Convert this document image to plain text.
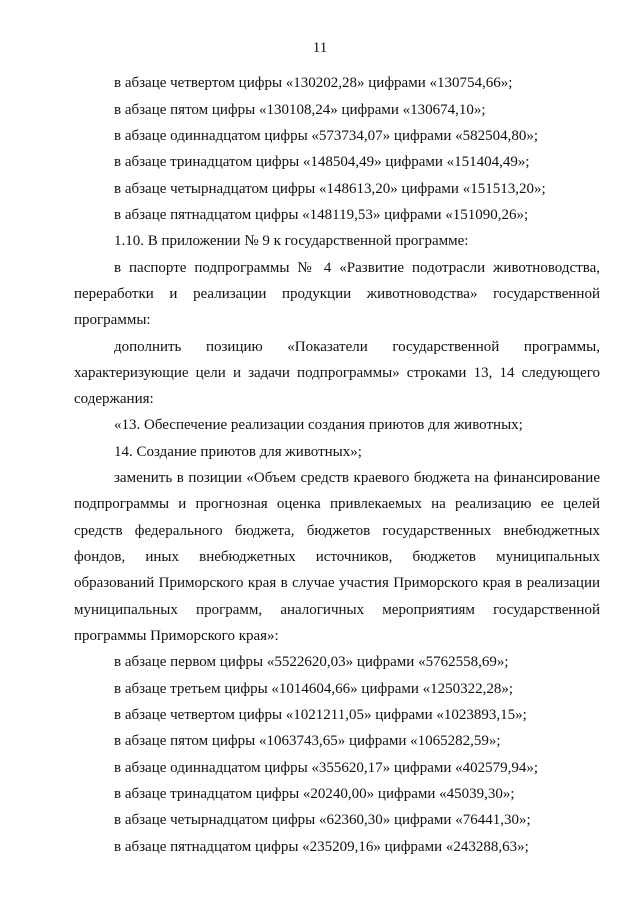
11
в абзаце четвертом цифры «130202,28» цифрами «130754,66»;
в абзаце пятом цифры «130108,24» цифрами «130674,10»;
в абзаце одиннадцатом цифры «573734,07» цифрами «582504,80»;
в абзаце тринадцатом цифры «148504,49» цифрами «151404,49»;
в абзаце четырнадцатом цифры «148613,20» цифрами «151513,20»;
в абзаце пятнадцатом цифры «148119,53» цифрами «151090,26»;
1.10. В приложении № 9 к государственной программе:
в паспорте подпрограммы № 4 «Развитие подотрасли животноводства,
переработки и реализации продукции животноводства» государственной
программы:
дополнить позицию «Показатели государственной программы,
характеризующие цели и задачи подпрограммы» строками 13, 14 следующего
содержания:
«13. Обеспечение реализации создания приютов для животных;
14. Создание приютов для животных»;
заменить в позиции «Объем средств краевого бюджета на финансирование
подпрограммы и прогнозная оценка привлекаемых на реализацию ее целей
средств федерального бюджета, бюджетов государственных внебюджетных
фондов, иных внебюджетных источников, бюджетов муниципальных
образований Приморского края в случае участия Приморского края в реализации
муниципальных программ, аналогичных мероприятиям государственной
программы Приморского края»:
в абзаце первом цифры «5522620,03» цифрами «5762558,69»;
в абзаце третьем цифры «1014604,66» цифрами «1250322,28»;
в абзаце четвертом цифры «1021211,05» цифрами «1023893,15»;
в абзаце пятом цифры «1063743,65» цифрами «1065282,59»;
в абзаце одиннадцатом цифры «355620,17» цифрами «402579,94»;
в абзаце тринадцатом цифры «20240,00» цифрами «45039,30»;
в абзаце четырнадцатом цифры «62360,30» цифрами «76441,30»;
в абзаце пятнадцатом цифры «235209,16» цифрами «243288,63»;
